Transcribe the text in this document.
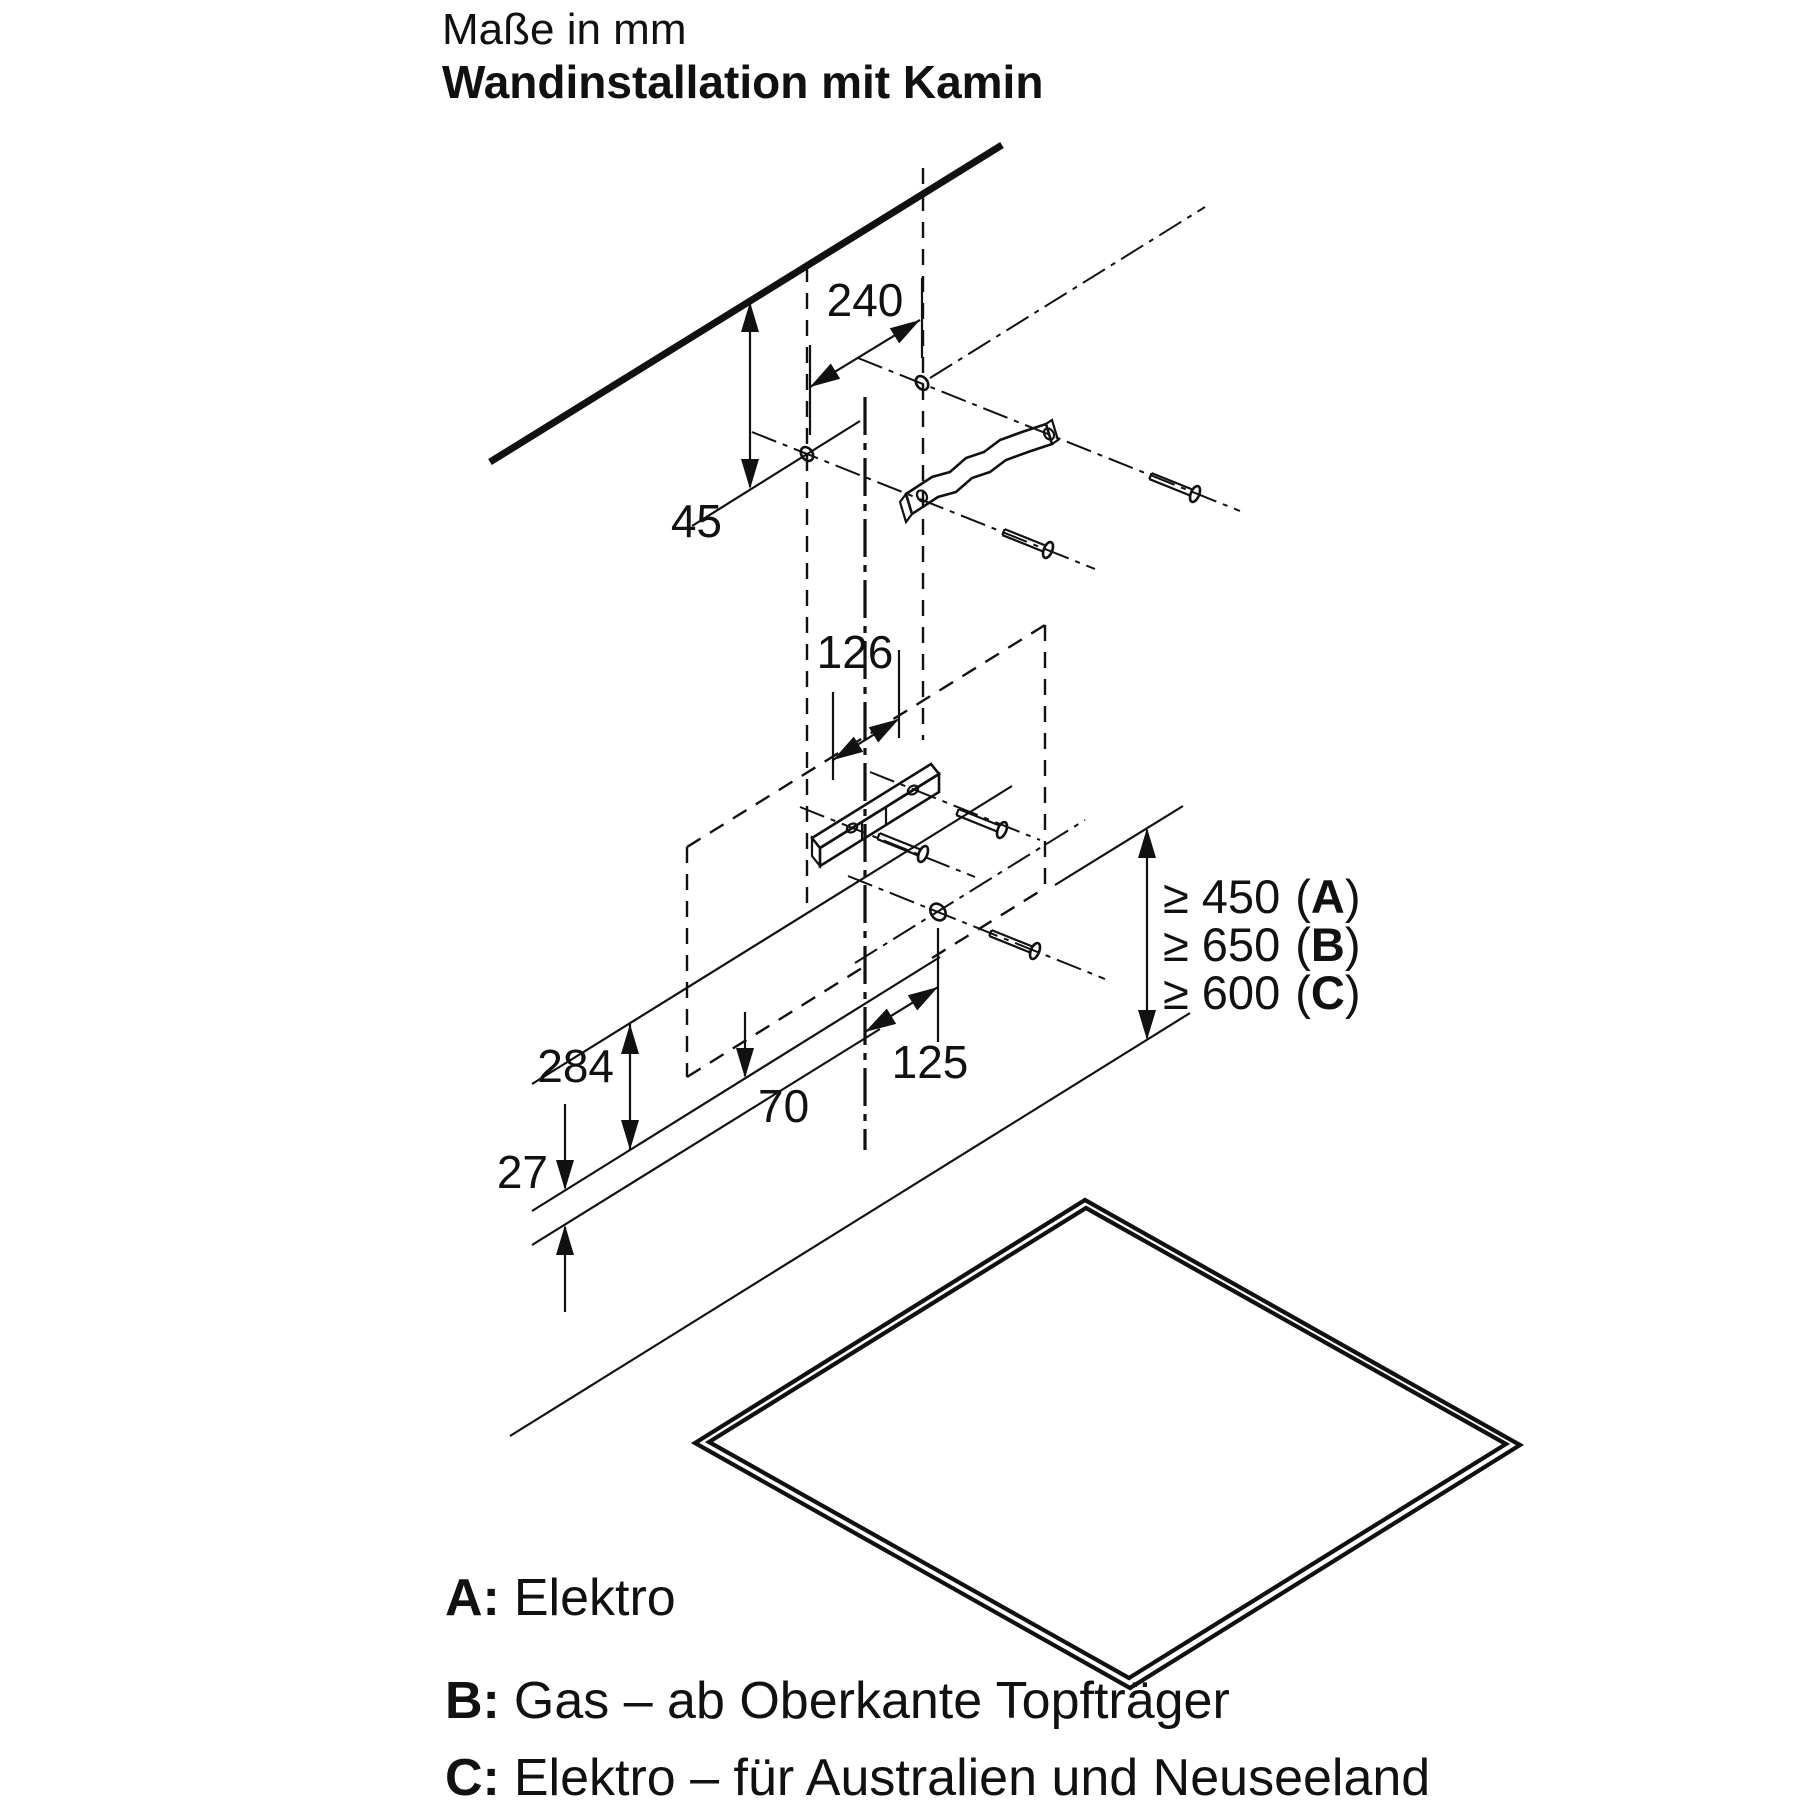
Maße in mm
Wandinstallation mit Kamin
240
45
126
125
284
70
27
≥ 450 (A)
≥ 650 (B)
≥ 600 (C)
A: Elektro
B: Gas – ab Oberkante Topfträger
C: Elektro – für Australien und Neuseeland
